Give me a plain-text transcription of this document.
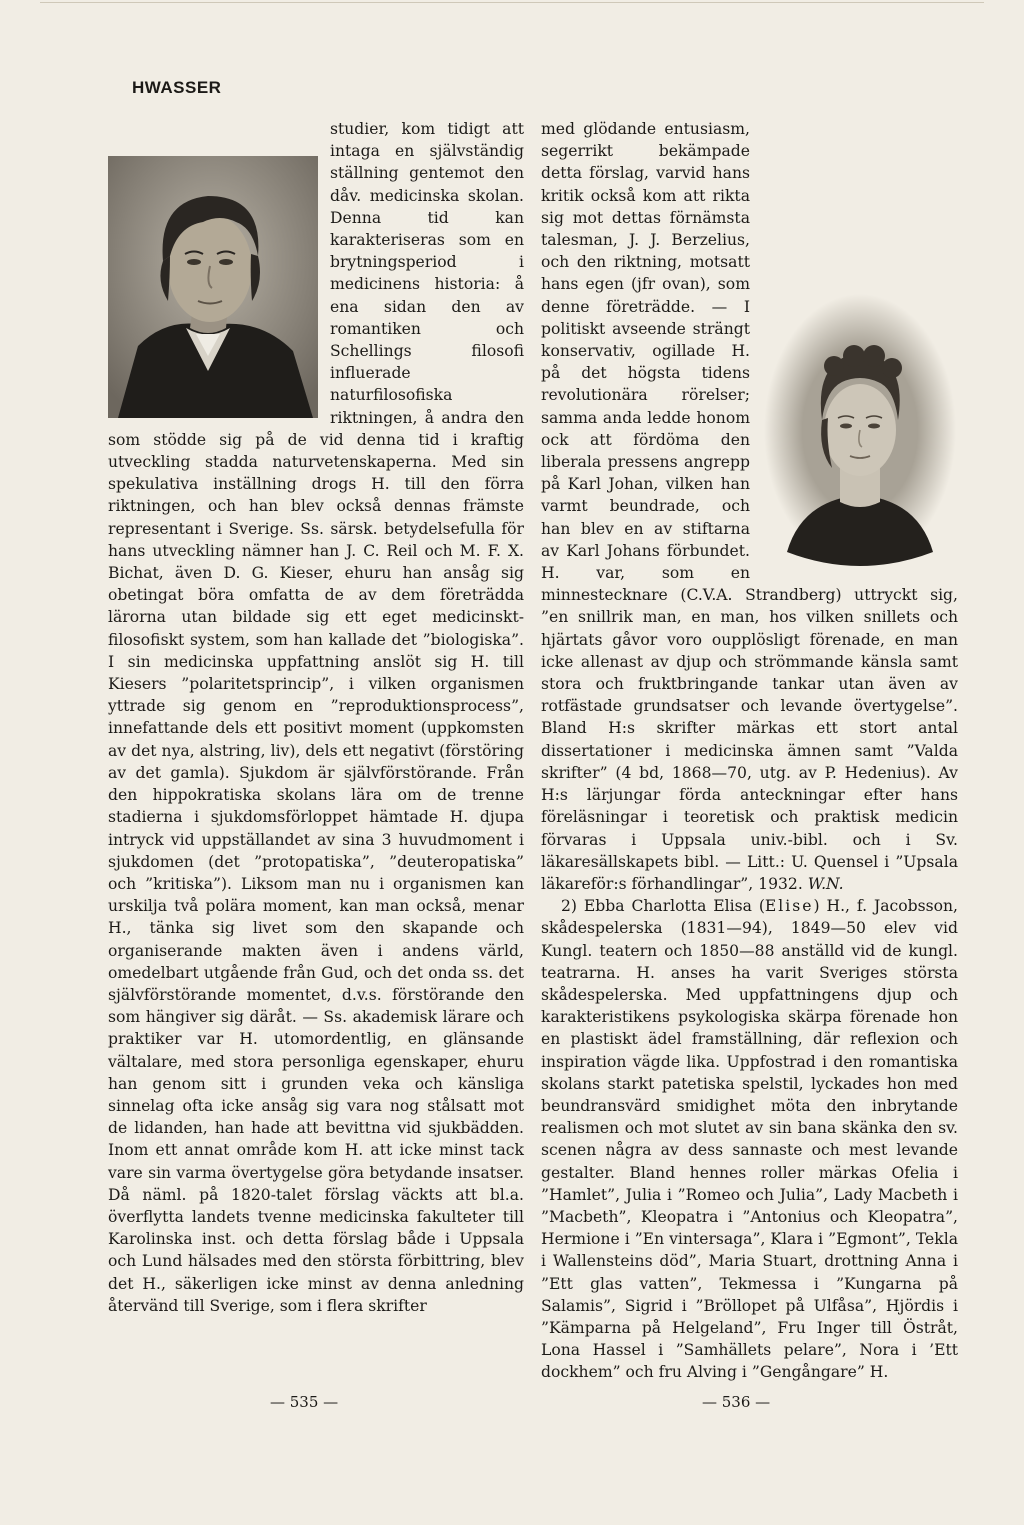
HWASSER

studier, kom tidigt att intaga en självständig ställning gentemot den dåv. medicinska skolan. Denna tid kan karakteriseras som en brytningsperiod i medicinens historia: å ena sidan den av romantiken och Schellings filosofi influerade naturfilosofiska riktningen, å andra den som stödde sig på de vid denna tid i kraftig utveckling stadda naturvetenskaperna. Med sin spekulativa inställning drogs H. till den förra riktningen, och han blev också dennas främste representant i Sverige. Ss. särsk. betydelsefulla för hans utveckling nämner han J. C. Reil och M. F. X. Bichat, även D. G. Kieser, ehuru han ansåg sig obetingat böra omfatta de av dem företrädda lärorna utan bildade sig ett eget medicinskt-filosofiskt system, som han kallade det ”biologiska”. I sin medicinska uppfattning anslöt sig H. till Kiesers ”polaritetsprincip”, i vilken organismen yttrade sig genom en ”reproduktionsprocess”, innefattande dels ett positivt moment (uppkomsten av det nya, alstring, liv), dels ett negativt (förstöring av det gamla). Sjukdom är självförstörande. Från den hippokratiska skolans lära om de trenne stadierna i sjukdomsförloppet hämtade H. djupa intryck vid uppställandet av sina 3 huvudmoment i sjukdomen (det ”protopatiska”, ”deuteropatiska” och ”kritiska”). Liksom man nu i organismen kan urskilja två polära moment, kan man också, menar H., tänka sig livet som den skapande och organiserande makten även i andens värld, omedelbart utgående från Gud, och det onda ss. det självförstörande momentet, d.v.s. förstörande den som hängiver sig däråt. — Ss. akademisk lärare och praktiker var H. utomordentlig, en glänsande vältalare, med stora personliga egenskaper, ehuru han genom sitt i grunden veka och känsliga sinnelag ofta icke ansåg sig vara nog stålsatt mot de lidanden, han hade att bevittna vid sjukbädden. Inom ett annat område kom H. att icke minst tack vare sin varma övertygelse göra betydande insatser. Då näml. på 1820-talet förslag väckts att bl.a. överflytta landets tvenne medicinska fakulteter till Karolinska inst. och detta förslag både i Uppsala och Lund hälsades med den största förbittring, blev det H., säkerligen icke minst av denna anledning återvänd till Sverige, som i flera skrifter

med glödande entusiasm, segerrikt bekämpade detta förslag, varvid hans kritik också kom att rikta sig mot dettas förnämsta talesman, J. J. Berzelius, och den riktning, motsatt hans egen (jfr ovan), som denne företrädde. — I politiskt avseende strängt konservativ, ogillade H. på det högsta tidens revolutionära rörelser; samma anda ledde honom ock att fördöma den liberala pressens angrepp på Karl Johan, vilken han varmt beundrade, och han blev en av stiftarna av Karl Johans förbundet. H. var, som en minnestecknare (C.V.A. Strandberg) uttryckt sig, ”en snillrik man, en man, hos vilken snillets och hjärtats gåvor voro oupplösligt förenade, en man icke allenast av djup och strömmande känsla samt stora och fruktbringande tankar utan även av rotfästade grundsatser och levande övertygelse”. Bland H:s skrifter märkas ett stort antal dissertationer i medicinska ämnen samt ”Valda skrifter” (4 bd, 1868—70, utg. av P. Hedenius). Av H:s lärjungar förda anteckningar efter hans föreläsningar i teoretisk och praktisk medicin förvaras i Uppsala univ.-bibl. och i Sv. läkaresällskapets bibl. — Litt.: U. Quensel i ”Upsala läkareför:s förhandlingar”, 1932. W.N.

2) Ebba Charlotta Elisa (Elise) H., f. Jacobsson, skådespelerska (1831—94), 1849—50 elev vid Kungl. teatern och 1850—88 anställd vid de kungl. teatrarna. H. anses ha varit Sveriges största skådespelerska. Med uppfattningens djup och karakteristikens psykologiska skärpa förenade hon en plastiskt ädel framställning, där reflexion och inspiration vägde lika. Uppfostrad i den romantiska skolans starkt patetiska spelstil, lyckades hon med beundransvärd smidighet möta den inbrytande realismen och mot slutet av sin bana skänka den sv. scenen några av dess sannaste och mest levande gestalter. Bland hennes roller märkas Ofelia i ”Hamlet”, Julia i ”Romeo och Julia”, Lady Macbeth i ”Macbeth”, Kleopatra i ”Antonius och Kleopatra”, Hermione i ”En vintersaga”, Klara i ”Egmont”, Tekla i Wallensteins död”, Maria Stuart, drottning Anna i ”Ett glas vatten”, Tekmessa i ”Kungarna på Salamis”, Sigrid i ”Bröllopet på Ulfåsa”, Hjördis i ”Kämparna på Helgeland”, Fru Inger till Östråt, Lona Hassel i ”Samhällets pelare”, Nora i ’Ett dockhem” och fru Alving i ”Gengångare” H.

— 535 —	— 536 —
